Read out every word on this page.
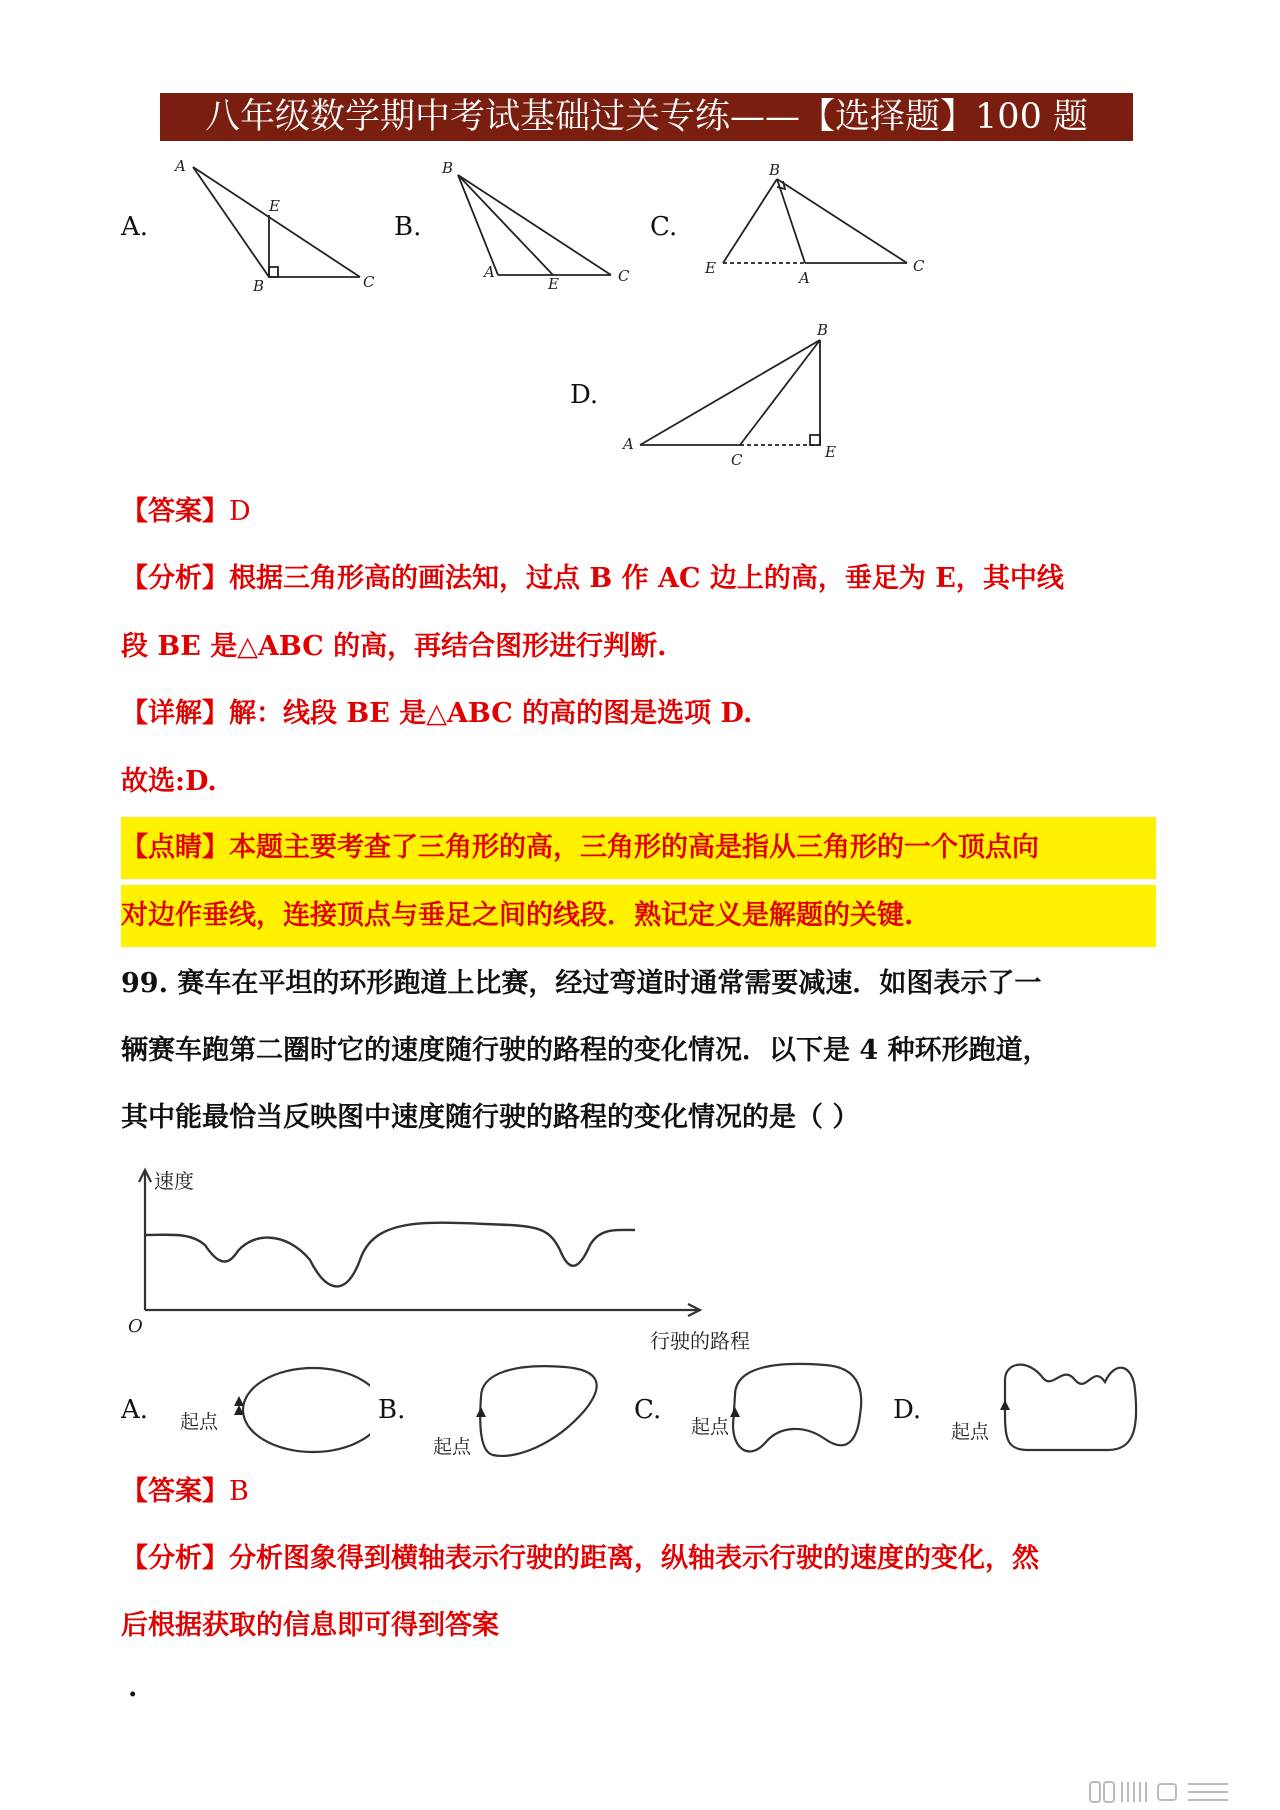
八年级数学期中考试基础过关专练——【选择题】100 题
A.	B.	C.
D.
A
E
B	C
B
A
E	C
B
E
A
C
B
A
C	E
【答案】D
【分析】根据三角形高的画法知，过点 B 作 AC 边上的高，垂足为 E，其中线
段 BE 是△ABC 的高，再结合图形进行判断.
【详解】解：线段 BE 是△ABC 的高的图是选项 D.
故选:D.
【点睛】本题主要考查了三角形的高，三角形的高是指从三角形的一个顶点向
对边作垂线，连接顶点与垂足之间的线段．熟记定义是解题的关键.
99. 赛车在平坦的环形跑道上比赛，经过弯道时通常需要减速．如图表示了一
辆赛车跑第二圈时它的速度随行驶的路程的变化情况．以下是 4 种环形跑道，
其中能最恰当反映图中速度随行驶的路程的变化情况的是（ ）
速度
O
行驶的路程
A.	B.	C.	D.
起点
起点
起点	起点
【答案】B
【分析】分析图象得到横轴表示行驶的距离，纵轴表示行驶的速度的变化，然
后根据获取的信息即可得到答案
.
